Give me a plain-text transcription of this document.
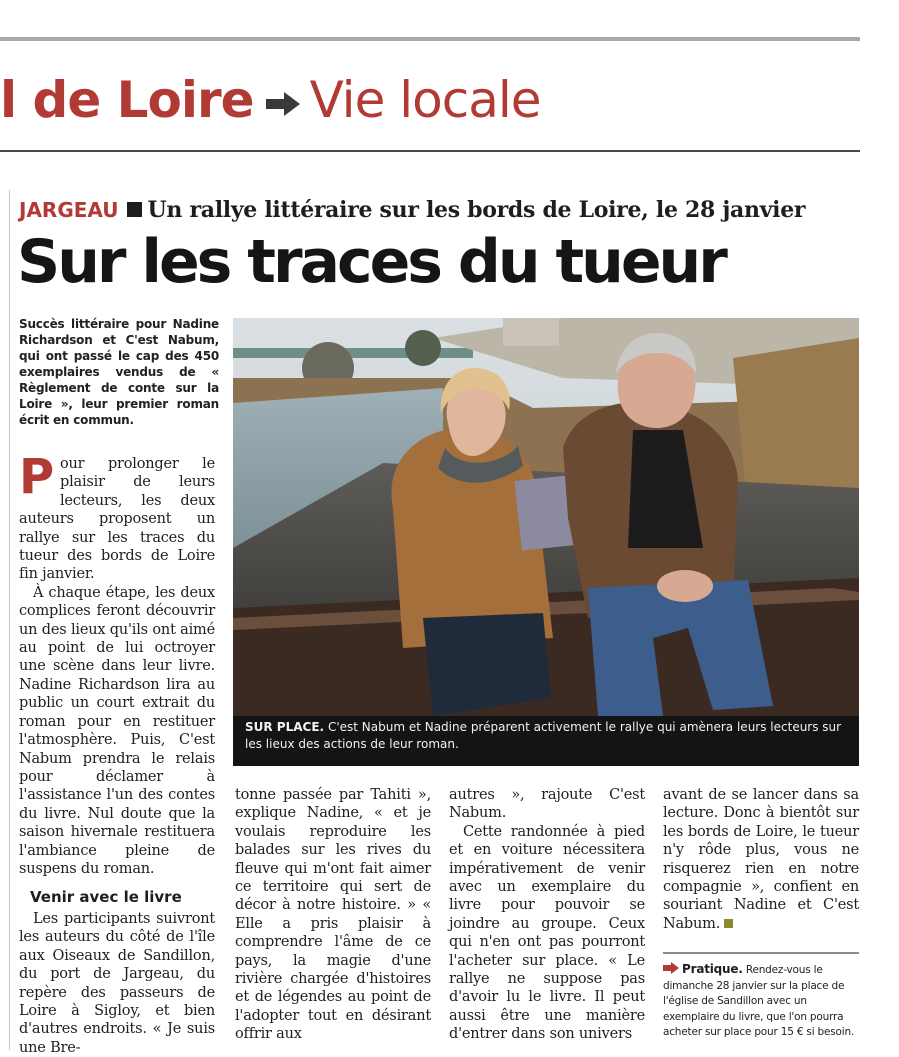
l de Loire Vie locale
JARGEAU Un rallye littéraire sur les bords de Loire, le 28 janvier
Sur les traces du tueur
Succès littéraire pour Nadine Richardson et C'est Nabum, qui ont passé le cap des 450 exemplaires vendus de « Règlement de conte sur la Loire », leur premier roman écrit en commun.

Pour prolonger le plaisir de leurs lecteurs, les deux auteurs proposent un rallye sur les traces du tueur des bords de Loire fin janvier.

À chaque étape, les deux complices feront découvrir un des lieux qu'ils ont aimé au point de lui octroyer une scène dans leur livre. Nadine Richardson lira au public un court extrait du roman pour en restituer l'atmosphère. Puis, C'est Nabum prendra le relais pour déclamer à l'assistance l'un des contes du livre. Nul doute que la saison hivernale restituera l'ambiance pleine de suspens du roman.

Venir avec le livre

Les participants suivront les auteurs du côté de l'île aux Oiseaux de Sandillon, du port de Jargeau, du repère des passeurs de Loire à Sigloy, et bien d'autres endroits. « Je suis une Bre-

SUR PLACE. C'est Nabum et Nadine préparent activement le rallye qui amènera leurs lecteurs sur les lieux des actions de leur roman.

tonne passée par Tahiti », explique Nadine, « et je voulais reproduire les balades sur les rives du fleuve qui m'ont fait aimer ce territoire qui sert de décor à notre histoire. » « Elle a pris plaisir à comprendre l'âme de ce pays, la magie d'une rivière chargée d'histoires et de légendes au point de l'adopter tout en désirant offrir aux

autres », rajoute C'est Nabum.

Cette randonnée à pied et en voiture nécessitera impérativement de venir avec un exemplaire du livre pour pouvoir se joindre au groupe. Ceux qui n'en ont pas pourront l'acheter sur place. « Le rallye ne suppose pas d'avoir lu le livre. Il peut aussi être une manière d'entrer dans son univers

avant de se lancer dans sa lecture. Donc à bientôt sur les bords de Loire, le tueur n'y rôde plus, vous ne risquerez rien en notre compagnie », confient en souriant Nadine et C'est Nabum.

Pratique. Rendez-vous le dimanche 28 janvier sur la place de l'église de Sandillon avec un exemplaire du livre, que l'on pourra acheter sur place pour 15 € si besoin.
